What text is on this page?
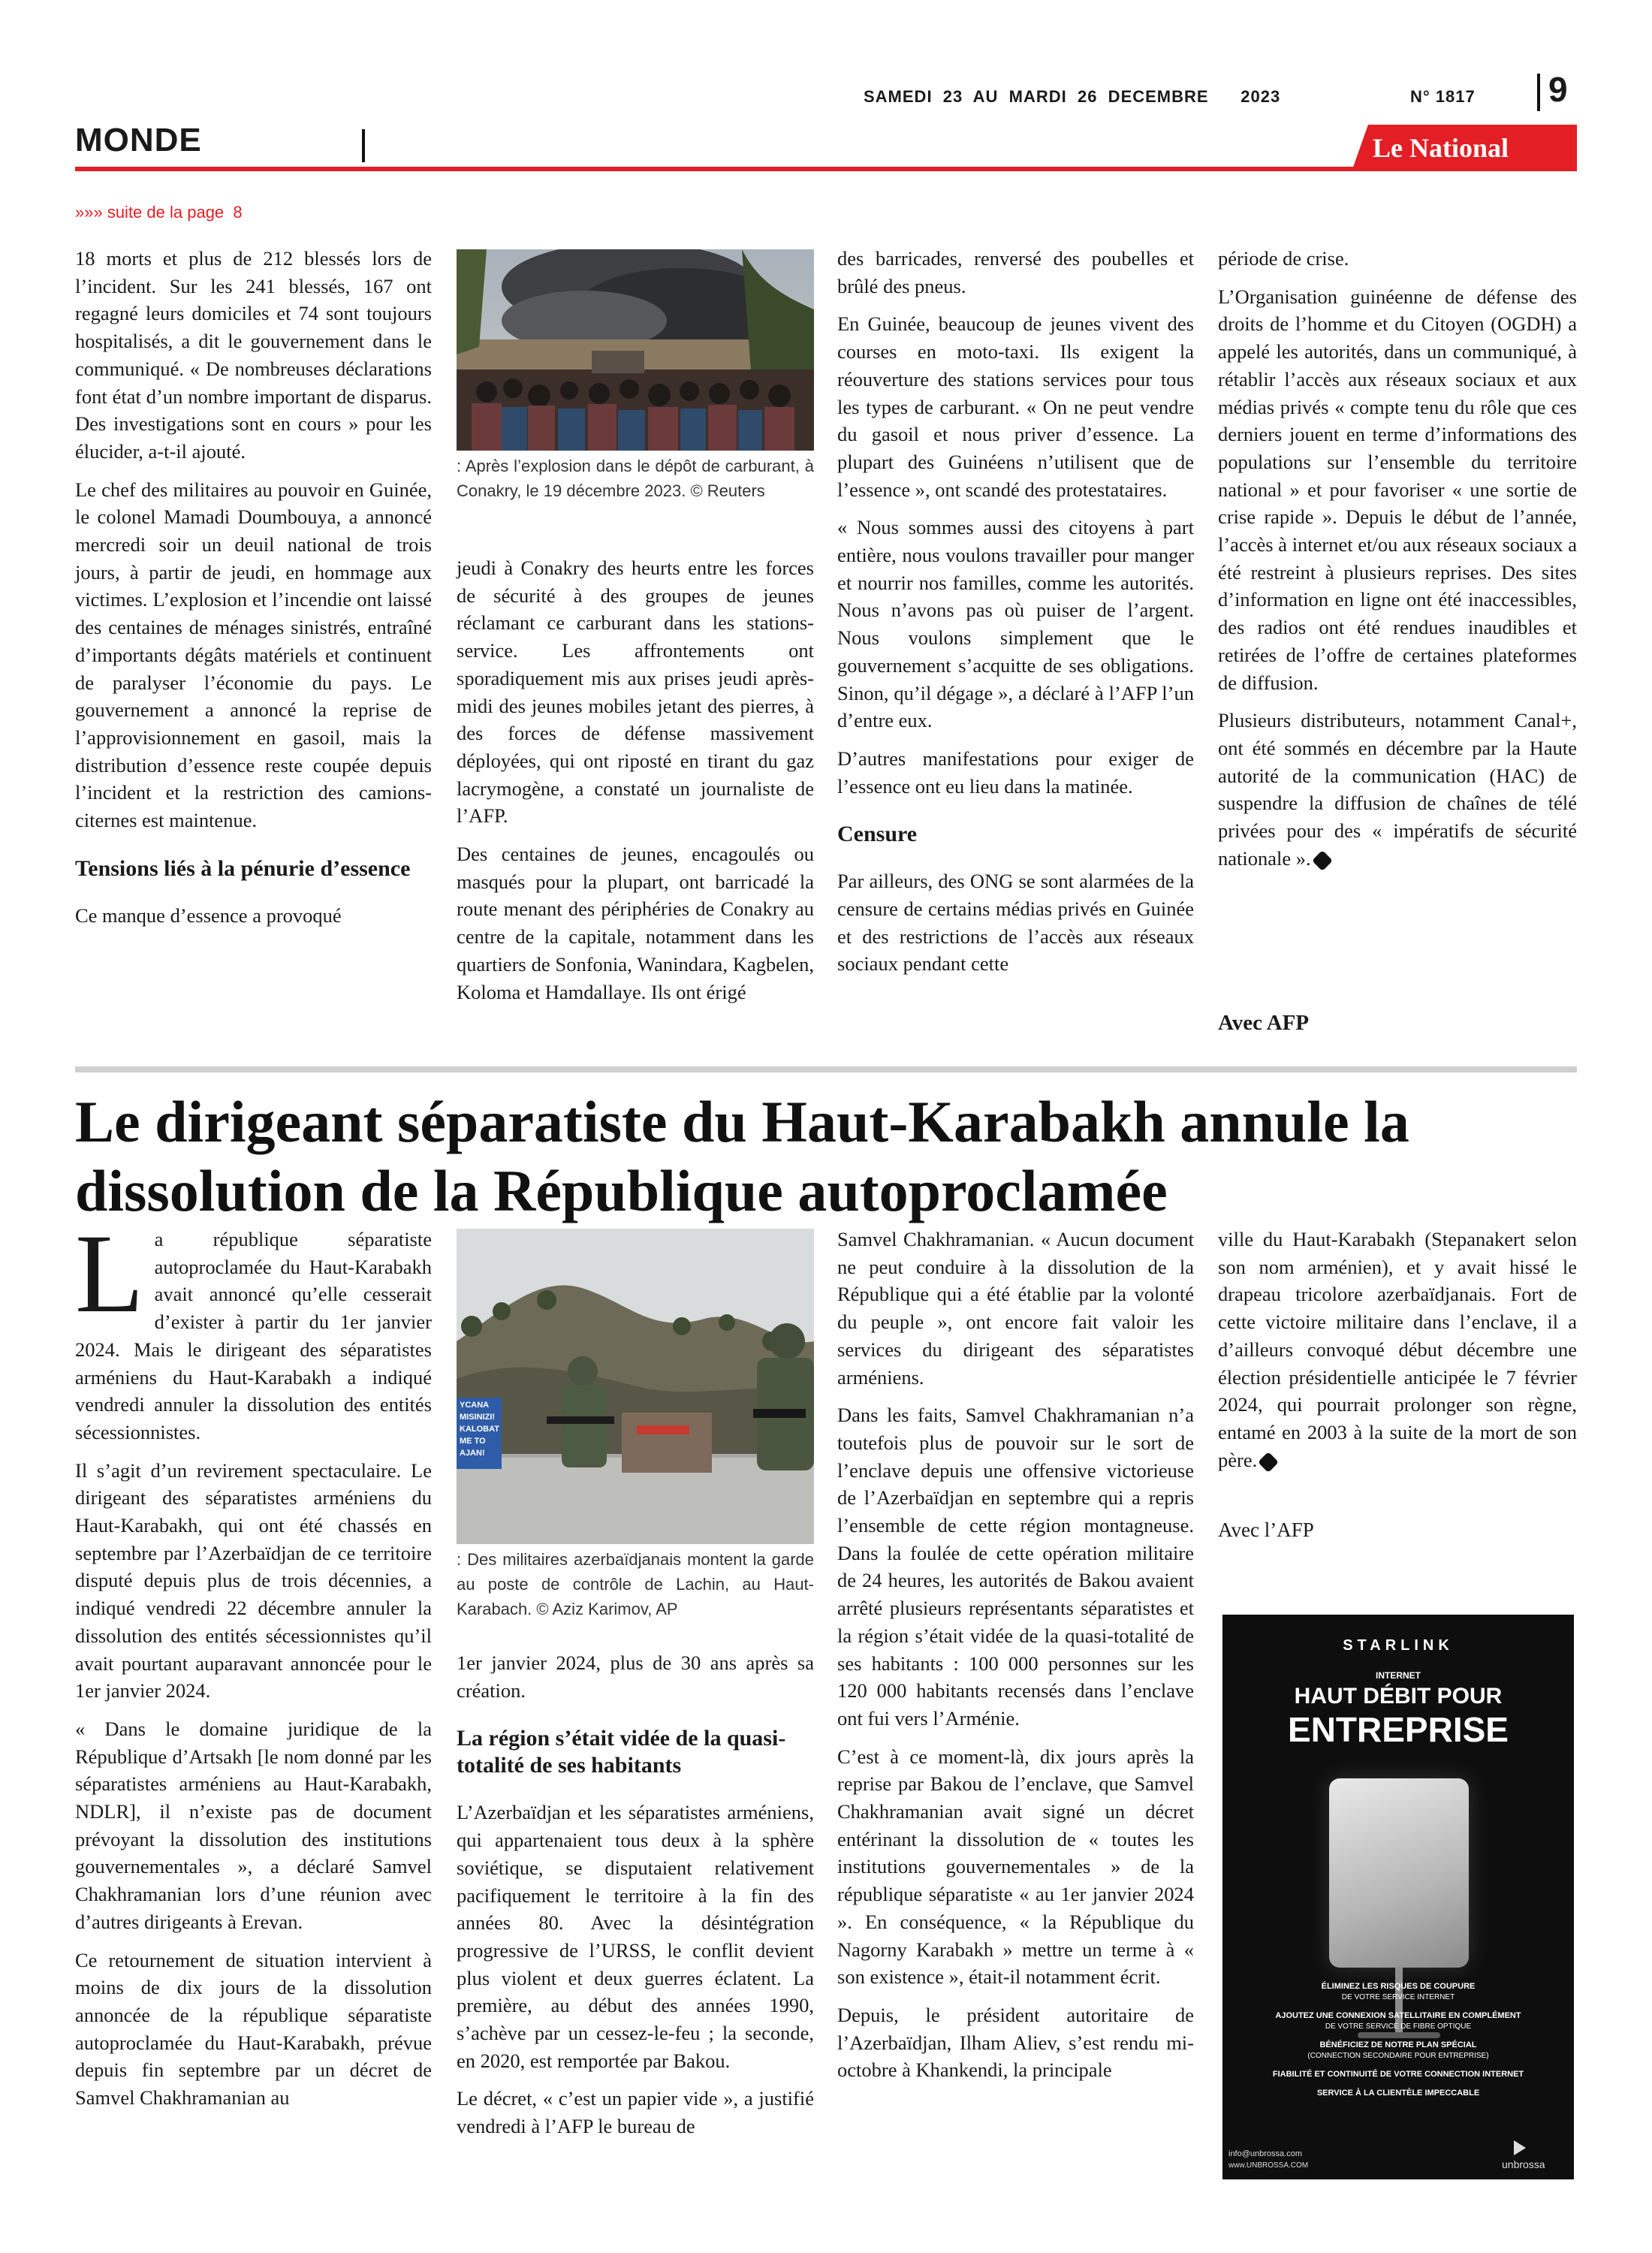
SAMEDI  23  AU  MARDI  26  DECEMBRE      2023	N° 1817 9
MONDE	Le National
»»» suite de la page  8

18 morts et plus de 212 blessés lors de l’incident. Sur les 241 blessés, 167 ont regagné leurs domiciles et 74 sont toujours hospitalisés, a dit le gouvernement dans le communiqué. « De nombreuses déclarations font état d’un nombre important de disparus. Des investigations sont en cours » pour les élucider, a-t-il ajouté.

Le chef des militaires au pouvoir en Guinée, le colonel Mamadi Doumbouya, a annoncé mercredi soir un deuil national de trois jours, à partir de jeudi, en hommage aux victimes. L’explosion et l’incendie ont laissé des centaines de ménages sinistrés, entraîné d’importants dégâts matériels et continuent de paralyser l’économie du pays. Le gouvernement a annoncé la reprise de l’approvisionnement en gasoil, mais la distribution d’essence reste coupée depuis l’incident et la restriction des camions-citernes est maintenue.

Tensions liés à la pénurie d’essence

Ce manque d’essence a provoqué

: Après l’explosion dans le dépôt de carburant, à Conakry, le 19 décembre 2023. © Reuters

jeudi à Conakry des heurts entre les forces de sécurité à des groupes de jeunes réclamant ce carburant dans les stations-service. Les affrontements ont sporadiquement mis aux prises jeudi après-midi des jeunes mobiles jetant des pierres, à des forces de défense massivement déployées, qui ont riposté en tirant du gaz lacrymogène, a constaté un journaliste de l’AFP.

Des centaines de jeunes, encagoulés ou masqués pour la plupart, ont barricadé la route menant des périphéries de Conakry au centre de la capitale, notamment dans les quartiers de Sonfonia, Wanindara, Kagbelen, Koloma et Hamdallaye. Ils ont érigé

des barricades, renversé des poubelles et brûlé des pneus.

En Guinée, beaucoup de jeunes vivent des courses en moto-taxi. Ils exigent la réouverture des stations services pour tous les types de carburant. « On ne peut vendre du gasoil et nous priver d’essence. La plupart des Guinéens n’utilisent que de l’essence », ont scandé des protestataires.

« Nous sommes aussi des citoyens à part entière, nous voulons travailler pour manger et nourrir nos familles, comme les autorités. Nous n’avons pas où puiser de l’argent. Nous voulons simplement que le gouvernement s’acquitte de ses obligations. Sinon, qu’il dégage », a déclaré à l’AFP l’un d’entre eux.

D’autres manifestations pour exiger de l’essence ont eu lieu dans la matinée.

Censure

Par ailleurs, des ONG se sont alarmées de la censure de certains médias privés en Guinée et des restrictions de l’accès aux réseaux sociaux pendant cette

période de crise.

L’Organisation guinéenne de défense des droits de l’homme et du Citoyen (OGDH) a appelé les autorités, dans un communiqué, à rétablir l’accès aux réseaux sociaux et aux médias privés « compte tenu du rôle que ces derniers jouent en terme d’informations des populations sur l’ensemble du territoire national » et pour favoriser « une sortie de crise rapide ». Depuis le début de l’année, l’accès à internet et/ou aux réseaux sociaux a été restreint à plusieurs reprises. Des sites d’information en ligne ont été inaccessibles, des radios ont été rendues inaudibles et retirées de l’offre de certaines plateformes de diffusion.

Plusieurs distributeurs, notamment Canal+, ont été sommés en décembre par la Haute autorité de la communication (HAC) de suspendre la diffusion de chaînes de télé privées pour des « impératifs de sécurité nationale ».

Avec AFP
Le dirigeant séparatiste du Haut-Karabakh annule la dissolution de la République autoproclamée

La république séparatiste autoproclamée du Haut-Karabakh avait annoncé qu’elle cesserait d’exister à partir du 1er janvier 2024. Mais le dirigeant des séparatistes arméniens du Haut-Karabakh a indiqué vendredi annuler la dissolution des entités sécessionnistes.

Il s’agit d’un revirement spectaculaire. Le dirigeant des séparatistes arméniens du Haut-Karabakh, qui ont été chassés en septembre par l’Azerbaïdjan de ce territoire disputé depuis plus de trois décennies, a indiqué vendredi 22 décembre annuler la dissolution des entités sécessionnistes qu’il avait pourtant auparavant annoncée pour le 1er janvier 2024.

« Dans le domaine juridique de la République d’Artsakh [le nom donné par les séparatistes arméniens au Haut-Karabakh, NDLR], il n’existe pas de document prévoyant la dissolution des institutions gouvernementales », a déclaré Samvel Chakhramanian lors d’une réunion avec d’autres dirigeants à Erevan.

Ce retournement de situation intervient à moins de dix jours de la dissolution annoncée de la république séparatiste autoproclamée du Haut-Karabakh, prévue depuis fin septembre par un décret de Samvel Chakhramanian au

YCANA
MISINIZI!
KALOBAT
ME TO
AJAN!
: Des militaires azerbaïdjanais montent la garde au poste de contrôle de Lachin, au Haut-Karabach. © Aziz Karimov, AP

1er janvier 2024, plus de 30 ans après sa création.

La région s’était vidée de la quasi-totalité de ses habitants

L’Azerbaïdjan et les séparatistes arméniens, qui appartenaient tous deux à la sphère soviétique, se disputaient relativement pacifiquement le territoire à la fin des années 80. Avec la désintégration progressive de l’URSS, le conflit devient plus violent et deux guerres éclatent. La première, au début des années 1990, s’achève par un cessez-le-feu ; la seconde, en 2020, est remportée par Bakou.

Le décret, « c’est un papier vide », a justifié vendredi à l’AFP le bureau de

Samvel Chakhramanian. « Aucun document ne peut conduire à la dissolution de la République qui a été établie par la volonté du peuple », ont encore fait valoir les services du dirigeant des séparatistes arméniens.

Dans les faits, Samvel Chakhramanian n’a toutefois plus de pouvoir sur le sort de l’enclave depuis une offensive victorieuse de l’Azerbaïdjan en septembre qui a repris l’ensemble de cette région montagneuse. Dans la foulée de cette opération militaire de 24 heures, les autorités de Bakou avaient arrêté plusieurs représentants séparatistes et la région s’était vidée de la quasi-totalité de ses habitants : 100 000 personnes sur les 120 000 habitants recensés dans l’enclave ont fui vers l’Arménie.

C’est à ce moment-là, dix jours après la reprise par Bakou de l’enclave, que Samvel Chakhramanian avait signé un décret entérinant la dissolution de « toutes les institutions gouvernementales » de la république séparatiste « au 1er janvier 2024 ». En conséquence, « la République du Nagorny Karabakh » mettre un terme à « son existence », était-il notamment écrit.

Depuis, le président autoritaire de l’Azerbaïdjan, Ilham Aliev, s’est rendu mi-octobre à Khankendi, la principale

ville du Haut-Karabakh (Stepanakert selon son nom arménien), et y avait hissé le drapeau tricolore azerbaïdjanais. Fort de cette victoire militaire dans l’enclave, il a d’ailleurs convoqué début décembre une élection présidentielle anticipée le 7 février 2024, qui pourrait prolonger son règne, entamé en 2003 à la suite de la mort de son père.

Avec l’AFP
STARLINK
INTERNET
HAUT DÉBIT POUR
ENTREPRISE
ÉLIMINEZ LES RISQUES DE COUPURE
DE VOTRE SERVICE INTERNET
AJOUTEZ UNE CONNEXION SATELLITAIRE EN COMPLÉMENT
DE VOTRE SERVICE DE FIBRE OPTIQUE
BÉNÉFICIEZ DE NOTRE PLAN SPÉCIAL
(CONNECTION SECONDAIRE POUR ENTREPRISE)
FIABILITÉ ET CONTINUITÉ DE VOTRE CONNECTION INTERNET
SERVICE À LA CLIENTÈLE IMPECCABLE
info@unbrossa.com
www.UNBROSSA.COM	unbrossa
